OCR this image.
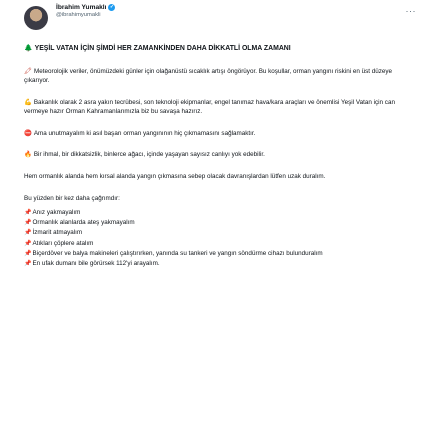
İbrahim Yumaklı ✓
@ibrahimyumakli	···
🌲 YEŞİL VATAN İÇİN ŞİMDİ HER ZAMANKİNDEN DAHA DİKKATLİ OLMA ZAMANI
🖍 Meteorolojik veriler, önümüzdeki günler için olağanüstü sıcaklık artışı öngörüyor. Bu koşullar, orman yangını riskini en üst düzeye çıkarıyor.
💪 Bakanlık olarak 2 asra yakın tecrübesi, son teknoloji ekipmanlar, engel tanımaz hava/kara araçları ve önemlisi Yeşil Vatan için can vermeye hazır Orman Kahramanlarımızla biz bu savaşa hazırız.
⛔ Ama unutmayalım ki asıl başarı orman yangınının hiç çıkmamasını sağlamaktır.
🔥 Bir ihmal, bir dikkatsizlik, binlerce ağacı, içinde yaşayan sayısız canlıyı yok edebilir.
Hem ormanlık alanda hem kırsal alanda yangın çıkmasına sebep olacak davranışlardan lütfen uzak duralım.
Bu yüzden bir kez daha çağrımdır:
📌Anız yakmayalım
📌Ormanlık alanlarda ateş yakmayalım
📌İzmarit atmayalım
📌Atıkları çöplere atalım
📌Biçerdöver ve balya makineleri çalıştırırken, yanında su tankeri ve yangın söndürme cihazı bulunduralım
📌En ufak dumanı bile görürsek 112'yi arayalım.
